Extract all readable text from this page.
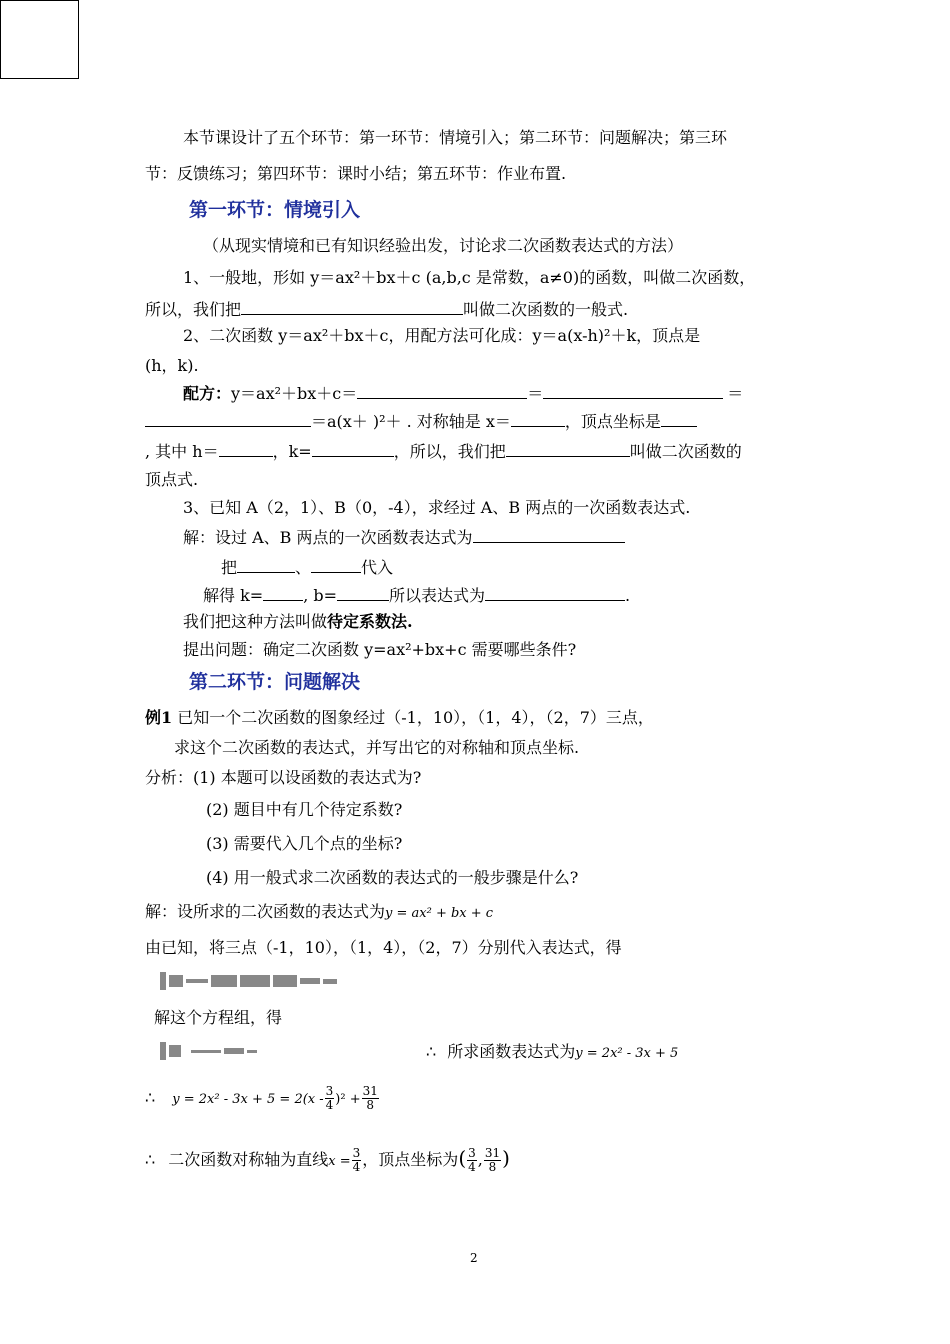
本节课设计了五个环节：第一环节：情境引入；第二环节：问题解决；第三环
节：反馈练习；第四环节：课时小结；第五环节：作业布置.
第一环节：情境引入
（从现实情境和已有知识经验出发，讨论求二次函数表达式的方法）
1、一般地，形如 y＝ax²＋bx＋c (a,b,c 是常数，a≠0)的函数，叫做二次函数，
所以，我们把	叫做二次函数的一般式.
2、二次函数 y＝ax²＋bx＋c，用配方法可化成：y＝a(x-h)²＋k，顶点是
(h，k).
配方：y＝ax²＋bx＋c＝	＝	＝
＝a(x＋ )²＋ . 对称轴是 x＝	，顶点坐标是
, 其中 h＝	，k=	，所以，我们把	叫做二次函数的
顶点式.
3、已知 A（2，1）、B（0，-4），求经过 A、B 两点的一次函数表达式.
解：设过 A、B 两点的一次函数表达式为
把	、	代入
解得 k=	, b=	所以表达式为	.
我们把这种方法叫做待定系数法.
提出问题：确定二次函数 y=ax²+bx+c 需要哪些条件?
第二环节：问题解决
例1 已知一个二次函数的图象经过（-1，10），（1，4），（2，7）三点，
求这个二次函数的表达式，并写出它的对称轴和顶点坐标.
分析：(1) 本题可以设函数的表达式为?
(2) 题目中有几个待定系数?
(3) 需要代入几个点的坐标?
(4) 用一般式求二次函数的表达式的一般步骤是什么?
解：设所求的二次函数的表达式为y = ax² + bx + c
由已知，将三点（-1，10），（1，4），（2，7）分别代入表达式，得
解这个方程组，得
∴ 所求函数表达式为y = 2x² - 3x + 5
∴ $y = 2x^2 - 3x + 5 = 2(x - \frac{3}{4} )^2 + \frac{31}{8}$
∴ 二次函数对称轴为直线$x = \frac{3}{4}$ ，顶点坐标为( $\frac{3}{4}$ , $\frac{31}{8}$ )
2
